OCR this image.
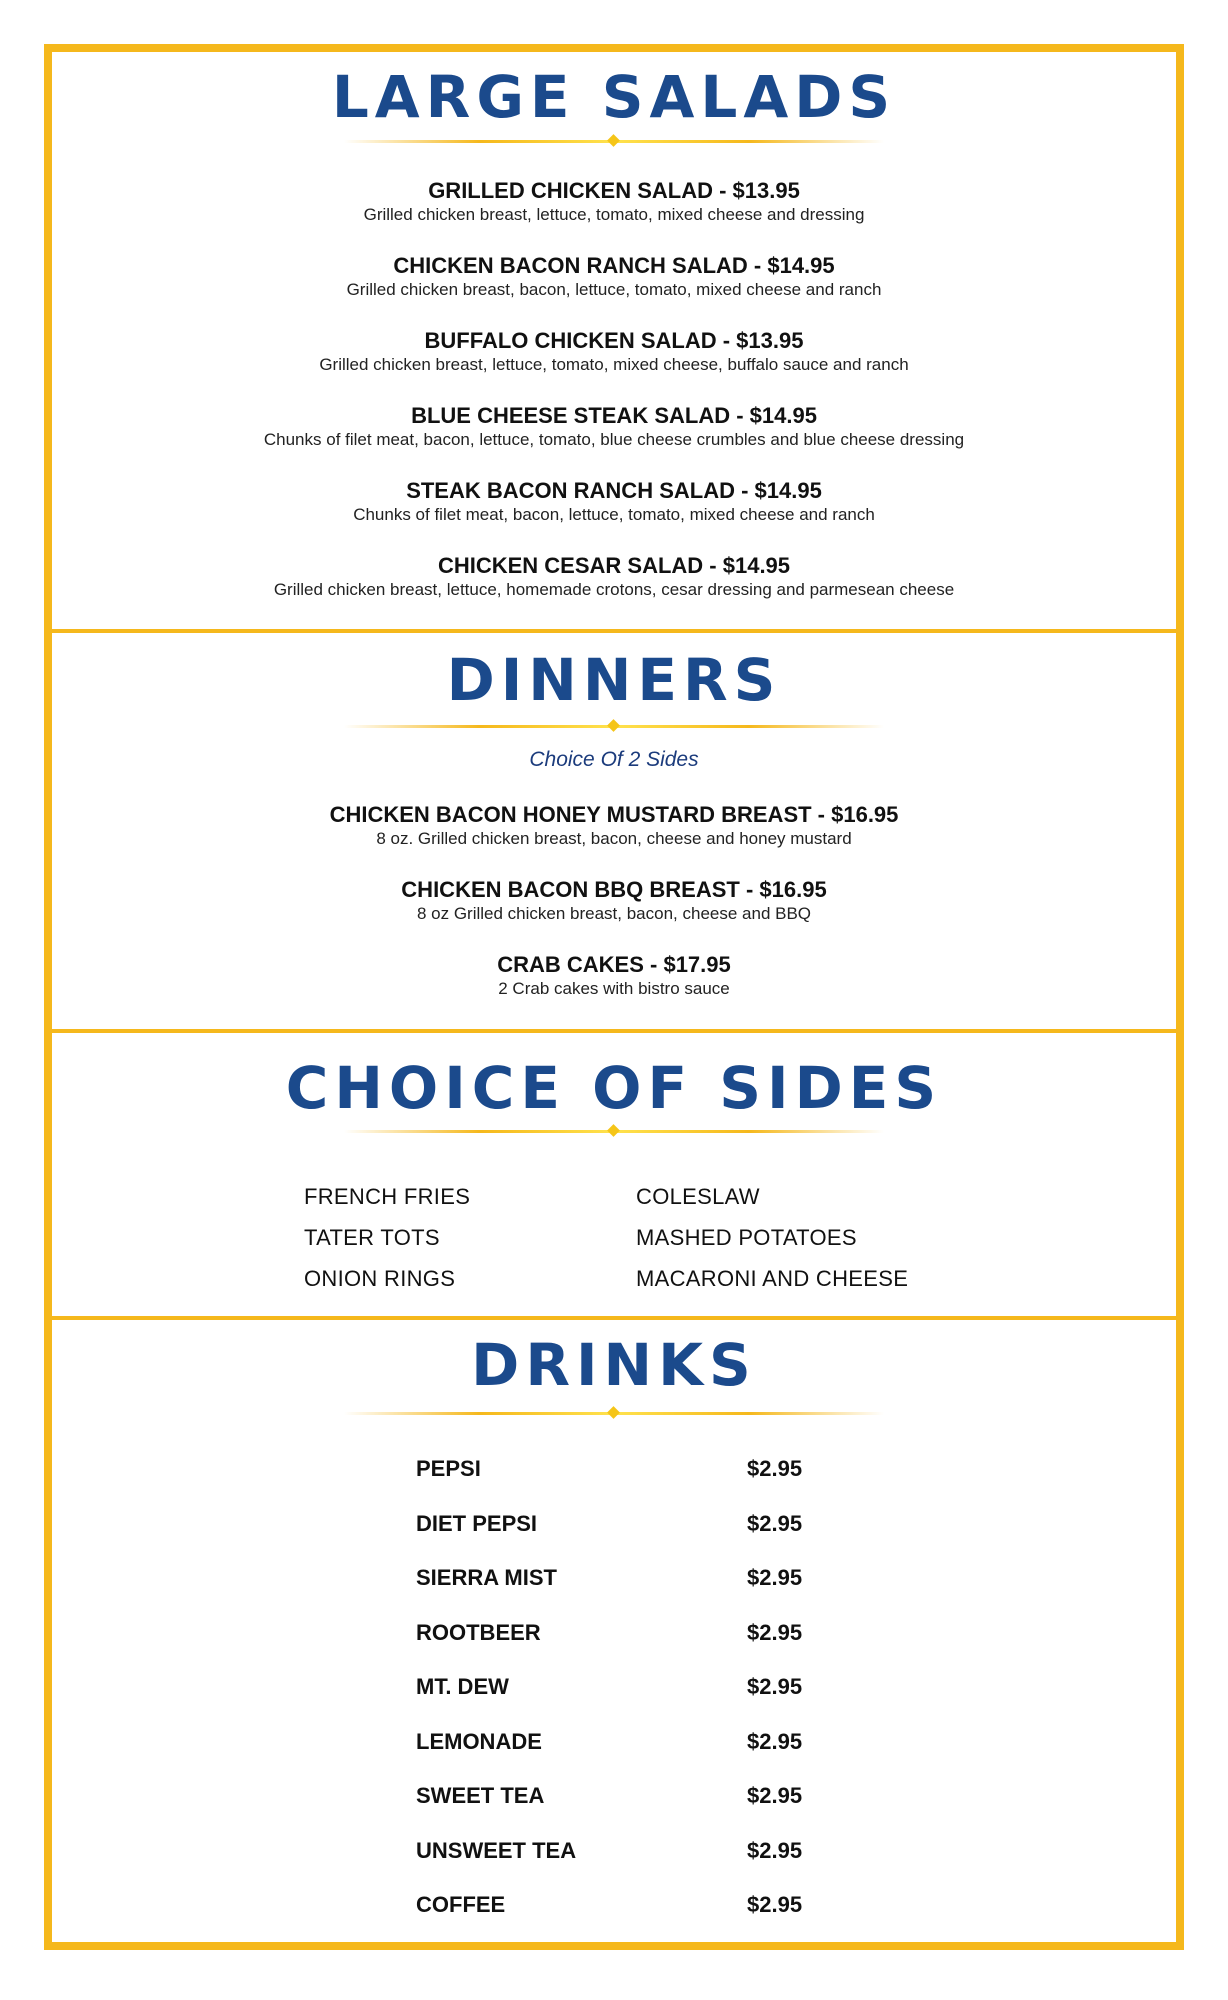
LARGE SALADS
GRILLED CHICKEN SALAD - $13.95
Grilled chicken breast, lettuce, tomato, mixed cheese and dressing
CHICKEN BACON RANCH SALAD - $14.95
Grilled chicken breast, bacon, lettuce, tomato, mixed cheese and ranch
BUFFALO CHICKEN SALAD - $13.95
Grilled chicken breast, lettuce, tomato, mixed cheese, buffalo sauce and ranch
BLUE CHEESE STEAK SALAD - $14.95
Chunks of filet meat, bacon, lettuce, tomato, blue cheese crumbles and blue cheese dressing
STEAK BACON RANCH SALAD - $14.95
Chunks of filet meat, bacon, lettuce, tomato, mixed cheese and ranch
CHICKEN CESAR SALAD - $14.95
Grilled chicken breast, lettuce, homemade crotons, cesar dressing and parmesean cheese
DINNERS
Choice Of 2 Sides
CHICKEN BACON HONEY MUSTARD BREAST - $16.95
8 oz. Grilled chicken breast, bacon, cheese and honey mustard
CHICKEN BACON BBQ BREAST - $16.95
8 oz Grilled chicken breast, bacon, cheese and BBQ
CRAB CAKES - $17.95
2 Crab cakes with bistro sauce
CHOICE OF SIDES
FRENCH FRIES
TATER TOTS
ONION RINGS
COLESLAW
MASHED POTATOES
MACARONI AND CHEESE
DRINKS
PEPSI	$2.95
DIET PEPSI	$2.95
SIERRA MIST	$2.95
ROOTBEER	$2.95
MT. DEW	$2.95
LEMONADE	$2.95
SWEET TEA	$2.95
UNSWEET TEA	$2.95
COFFEE	$2.95
